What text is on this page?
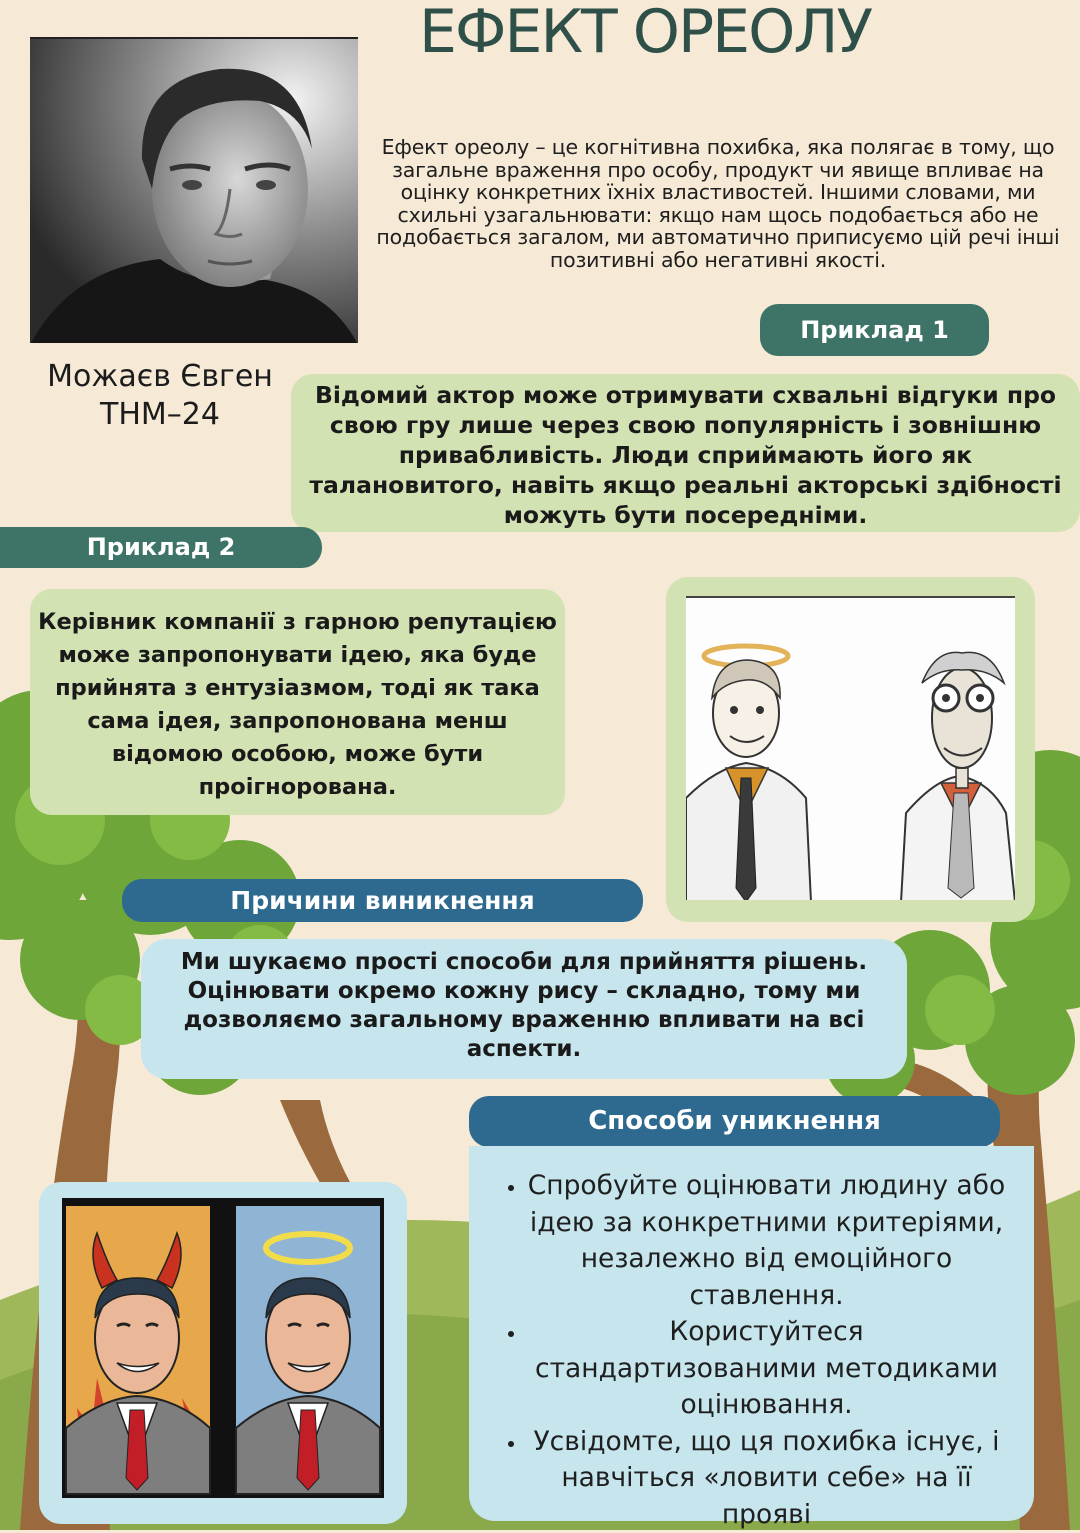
ЕФЕКТ ОРЕОЛУ
Можаєв Євген
ТНМ–24
Ефект ореолу – це когнітивна похибка, яка полягає в тому, що загальне враження про особу, продукт чи явище впливає на оцінку конкретних їхніх властивостей. Іншими словами, ми схильні узагальнювати: якщо нам щось подобається або не подобається загалом, ми автоматично приписуємо цій речі інші позитивні або негативні якості.
Приклад 1
Відомий актор може отримувати схвальні відгуки про свою гру лише через свою популярність і зовнішню привабливість. Люди сприймають його як талановитого, навіть якщо реальні акторські здібності можуть бути посередніми.
Приклад 2
Керівник компанії з гарною репутацією може запропонувати ідею, яка буде прийнята з ентузіазмом, тоді як така сама ідея, запропонована менш відомою особою, може бути проігнорована.
Причини виникнення
Ми шукаємо прості способи для прийняття рішень. Оцінювати окремо кожну рису – складно, тому ми дозволяємо загальному враженню впливати на всі аспекти.
Способи уникнення
• Спробуйте оцінювати людину або ідею за конкретними критеріями, незалежно від емоційного ставлення.
• Користуйтеся стандартизованими методиками оцінювання.
• Усвідомте, що ця похибка існує, і навчіться «ловити себе» на її прояві
